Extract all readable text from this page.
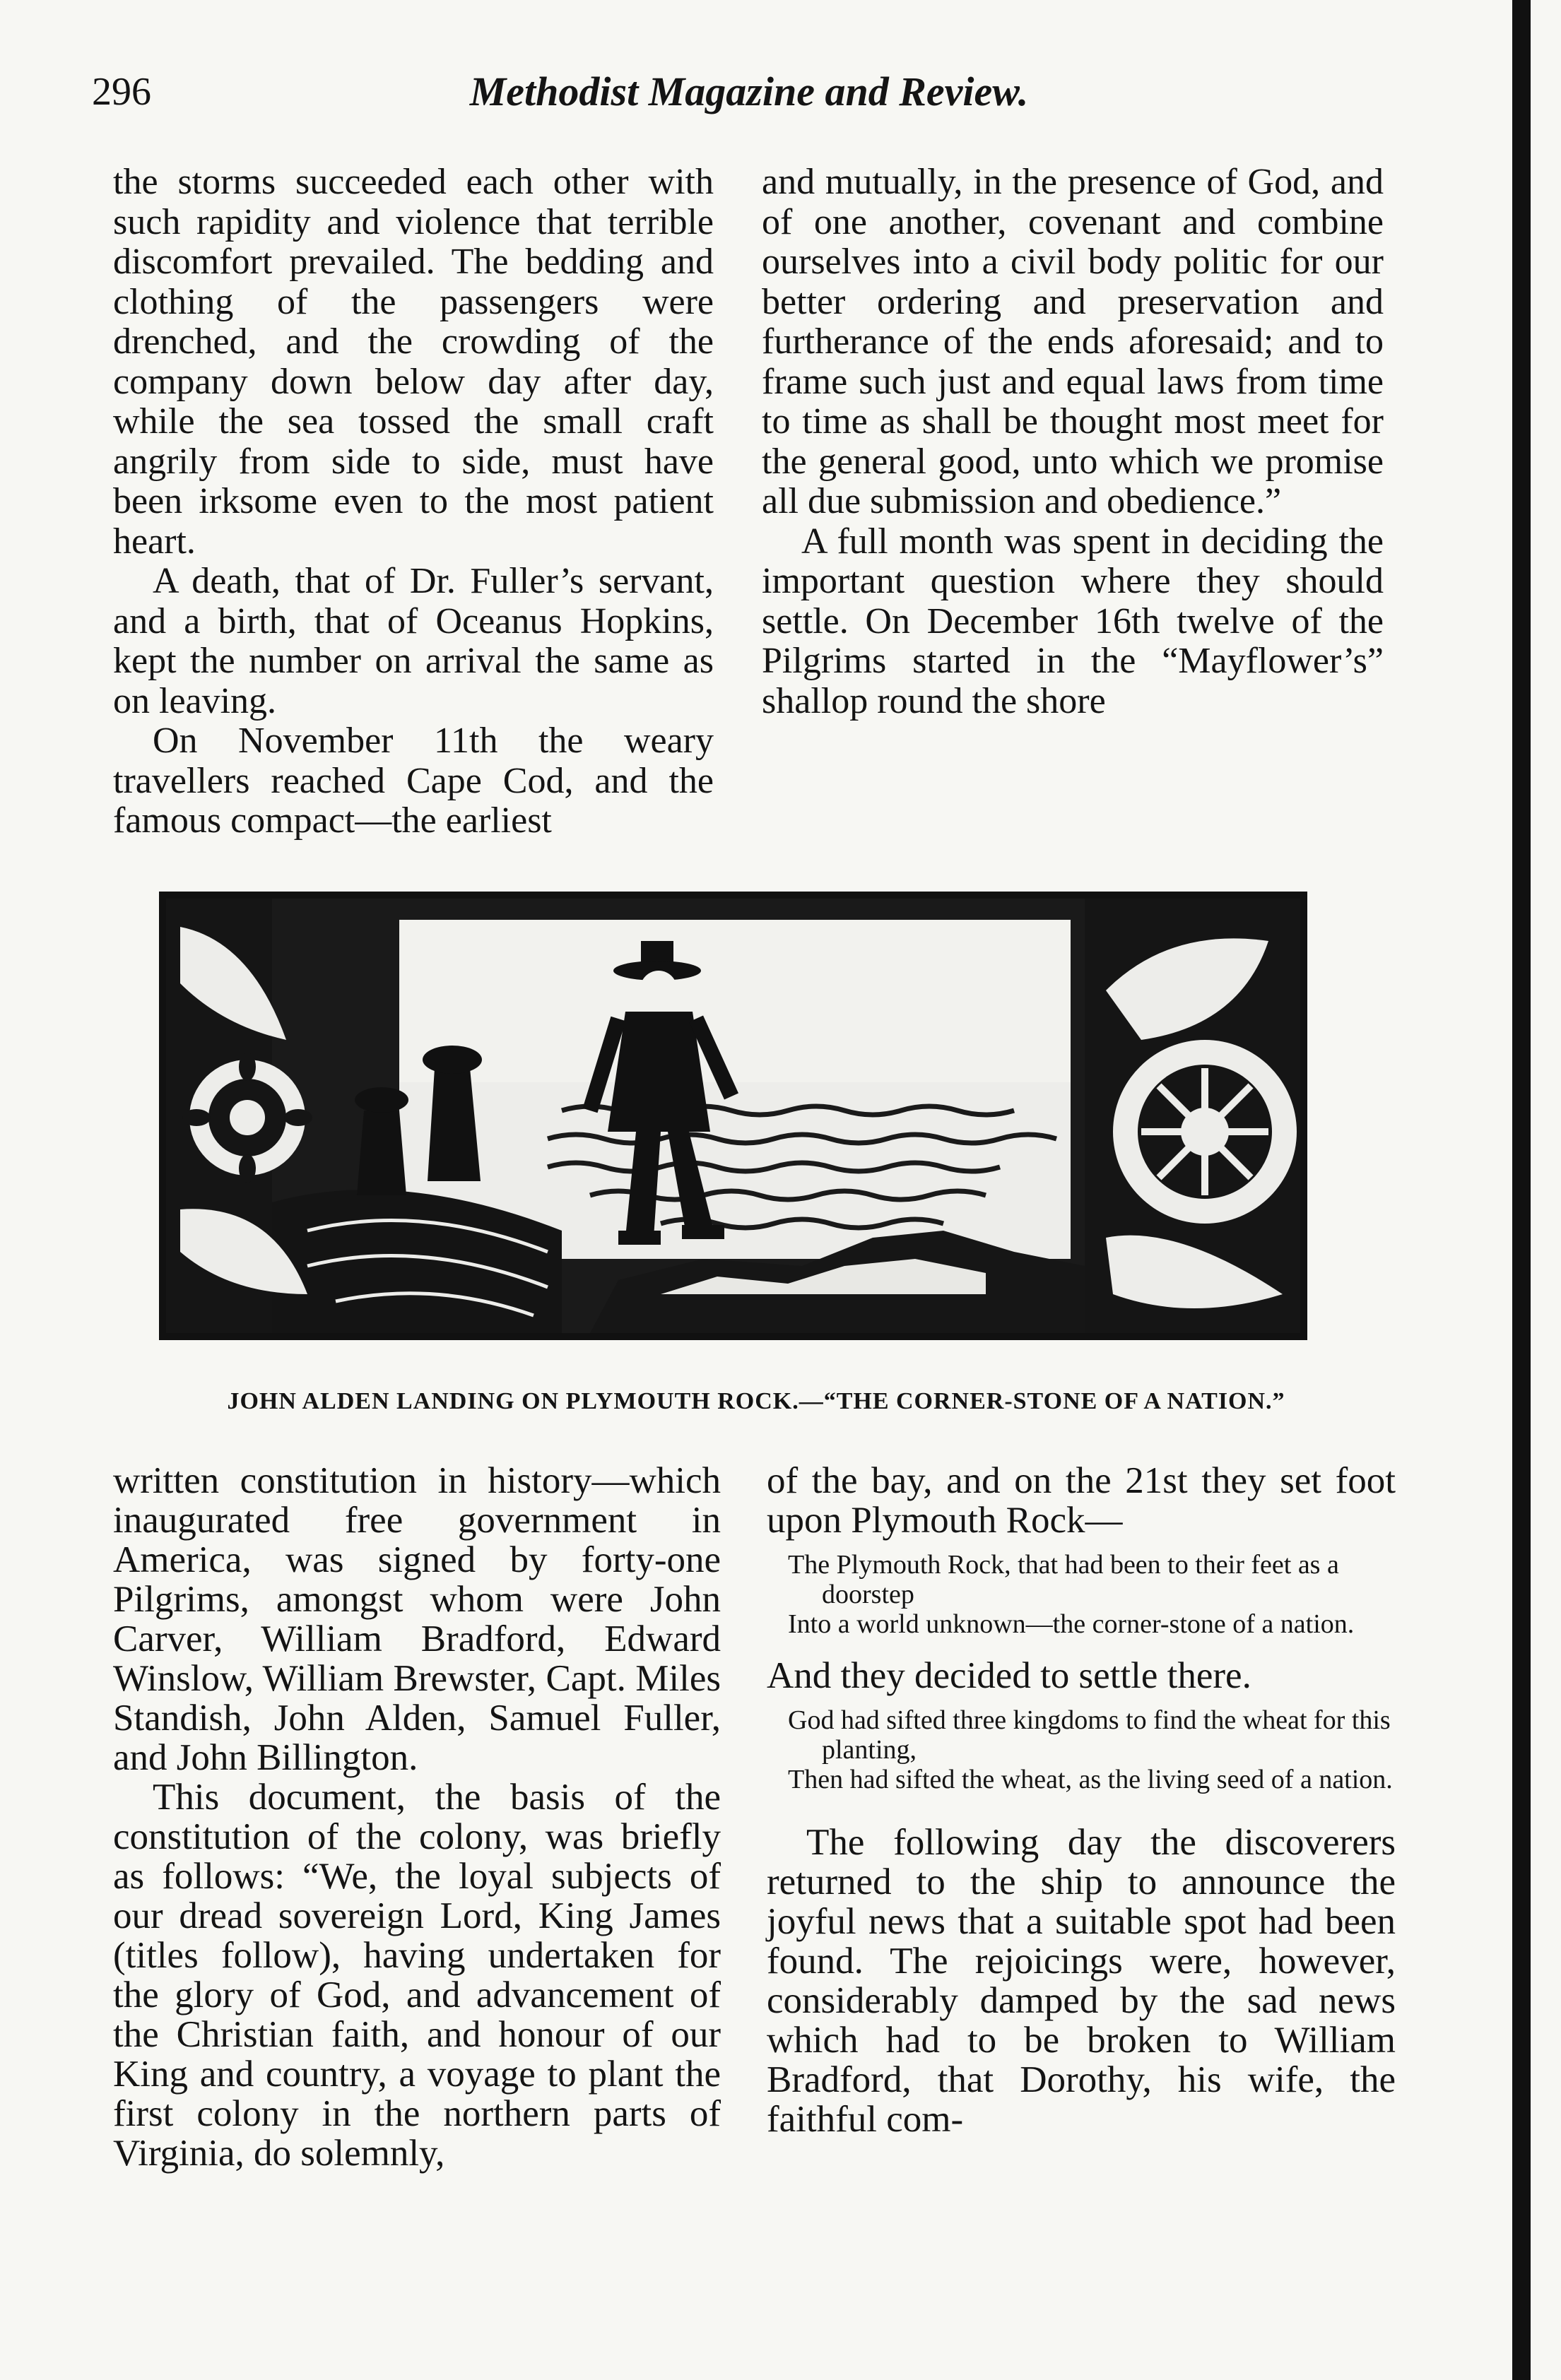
296	Methodist Magazine and Review.

the storms succeeded each other with such rapidity and violence that terrible discomfort prevailed. The bedding and clothing of the passengers were drenched, and the crowding of the company down below day after day, while the sea tossed the small craft angrily from side to side, must have been irksome even to the most patient heart.

A death, that of Dr. Fuller’s servant, and a birth, that of Oceanus Hopkins, kept the number on arrival the same as on leaving.

On November 11th the weary travellers reached Cape Cod, and the famous compact—the earliest

and mutually, in the presence of God, and of one another, covenant and combine ourselves into a civil body politic for our better ordering and preservation and furtherance of the ends aforesaid; and to frame such just and equal laws from time to time as shall be thought most meet for the general good, unto which we promise all due submission and obedience.”

A full month was spent in deciding the important question where they should settle. On December 16th twelve of the Pilgrims started in the “Mayflower’s” shallop round the shore

JOHN ALDEN LANDING ON PLYMOUTH ROCK.—“THE CORNER-STONE OF A NATION.”

written constitution in history—which inaugurated free government in America, was signed by forty-one Pilgrims, amongst whom were John Carver, William Bradford, Edward Winslow, William Brewster, Capt. Miles Standish, John Alden, Samuel Fuller, and John Billington.

This document, the basis of the constitution of the colony, was briefly as follows: “We, the loyal subjects of our dread sovereign Lord, King James (titles follow), having undertaken for the glory of God, and advancement of the Christian faith, and honour of our King and country, a voyage to plant the first colony in the northern parts of Virginia, do solemnly,

of the bay, and on the 21st they set foot upon Plymouth Rock—

The Plymouth Rock, that had been to their feet as a doorstep
Into a world unknown—the corner-stone of a nation.

And they decided to settle there.

God had sifted three kingdoms to find the wheat for this planting,
Then had sifted the wheat, as the living seed of a nation.

The following day the discoverers returned to the ship to announce the joyful news that a suitable spot had been found. The rejoicings were, however, considerably damped by the sad news which had to be broken to William Bradford, that Dorothy, his wife, the faithful com-
